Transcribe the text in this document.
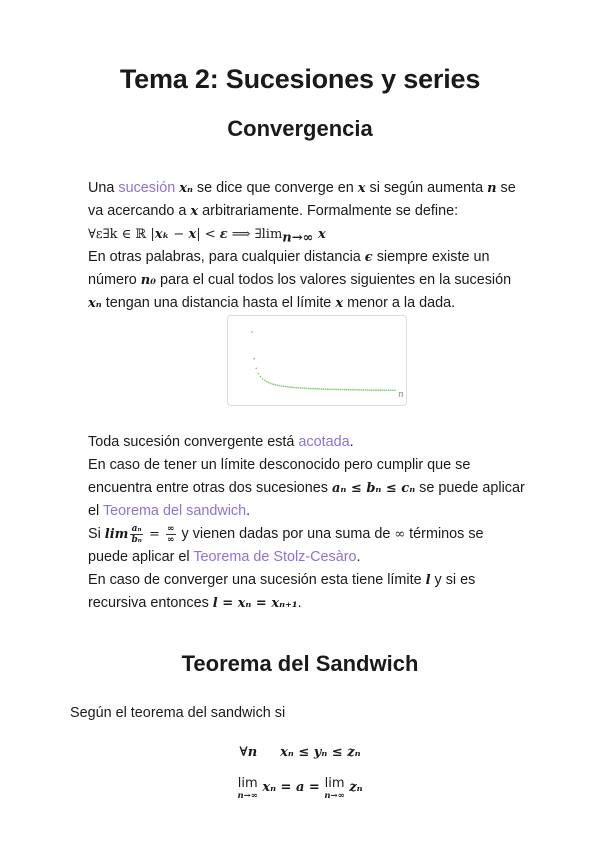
Tema 2: Sucesiones y series
Convergencia
Una sucesión xₙ se dice que converge en x si según aumenta n se
va acercando a x arbitrariamente. Formalmente se define:
∀ε∃k ∈ ℝ |xₖ − x| < ε ⟹ $\exists\lim_{n\to\infty}$ x
En otras palabras, para cualquier distancia ϵ siempre existe un
número n₀ para el cual todos los valores siguientes en la sucesión
xₙ tengan una distancia hasta el límite x menor a la dada.
n
Toda sucesión convergente está acotada.
En caso de tener un límite desconocido pero cumplir que se
encuentra entre otras dos sucesiones aₙ ≤ bₙ ≤ cₙ se puede aplicar
el Teorema del sandwich.
Si $\lim \frac{\text{aₙ}}{\text{bₙ}} = \frac{\infty}{\infty}$ y vienen dadas por una suma de ∞ términos se
puede aplicar el Teorema de Stolz-Cesàro.
En caso de converger una sucesión esta tiene límite l y si es
recursiva entonces l = xₙ = xₙ₊₁.
Teorema del Sandwich
Según el teorema del sandwich si
∀n xₙ ≤ yₙ ≤ zₙ
lim
n→∞
xₙ = a = lim
n→∞
zₙ
